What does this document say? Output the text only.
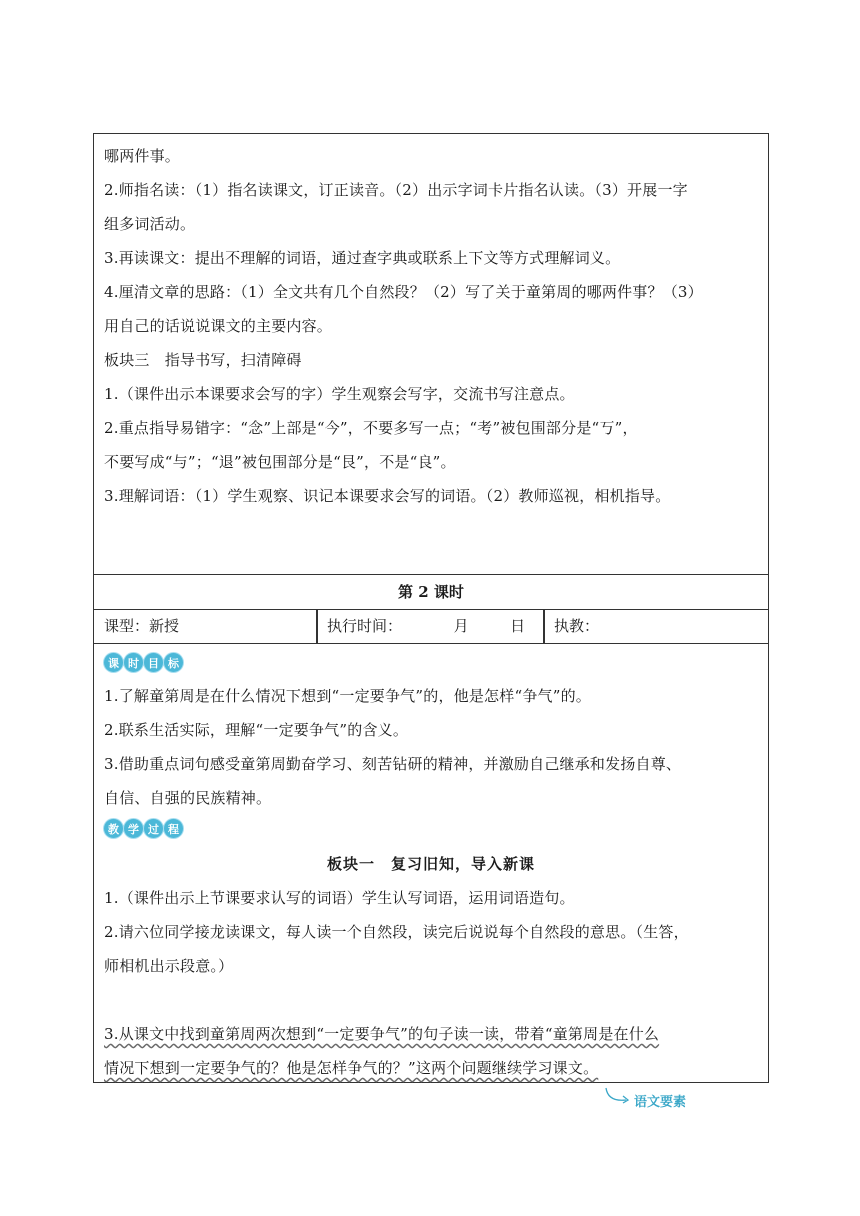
哪两件事。
2.师指名读：（1）指名读课文，订正读音。（2）出示字词卡片指名认读。（3）开展一字
组多词活动。
3.再读课文：提出不理解的词语，通过查字典或联系上下文等方式理解词义。
4.厘清文章的思路：（1）全文共有几个自然段？（2）写了关于童第周的哪两件事？（3）
用自己的话说说课文的主要内容。
板块三　指导书写，扫清障碍
1.（课件出示本课要求会写的字）学生观察会写字，交流书写注意点。
2.重点指导易错字：“念”上部是“今”，不要多写一点；“考”被包围部分是“丂”，
不要写成“与”；“退”被包围部分是“艮”，不是“良”。
3.理解词语：（1）学生观察、识记本课要求会写的词语。（2）教师巡视，相机指导。
第 2 课时
课型：新授	执行时间：	月	日	执教：
课 时 目 标
1.了解童第周是在什么情况下想到“一定要争气”的，他是怎样“争气”的。
2.联系生活实际，理解“一定要争气”的含义。
3.借助重点词句感受童第周勤奋学习、刻苦钻研的精神，并激励自己继承和发扬自尊、
自信、自强的民族精神。
教 学 过 程
板块一　复习旧知，导入新课
1.（课件出示上节课要求认写的词语）学生认写词语，运用词语造句。
2.请六位同学接龙读课文，每人读一个自然段，读完后说说每个自然段的意思。（生答，
师相机出示段意。）
3.从课文中找到童第周两次想到“一定要争气”的句子读一读，带着“童第周是在什么
情况下想到一定要争气的？他是怎样争气的？”这两个问题继续学习课文。
语文要素
